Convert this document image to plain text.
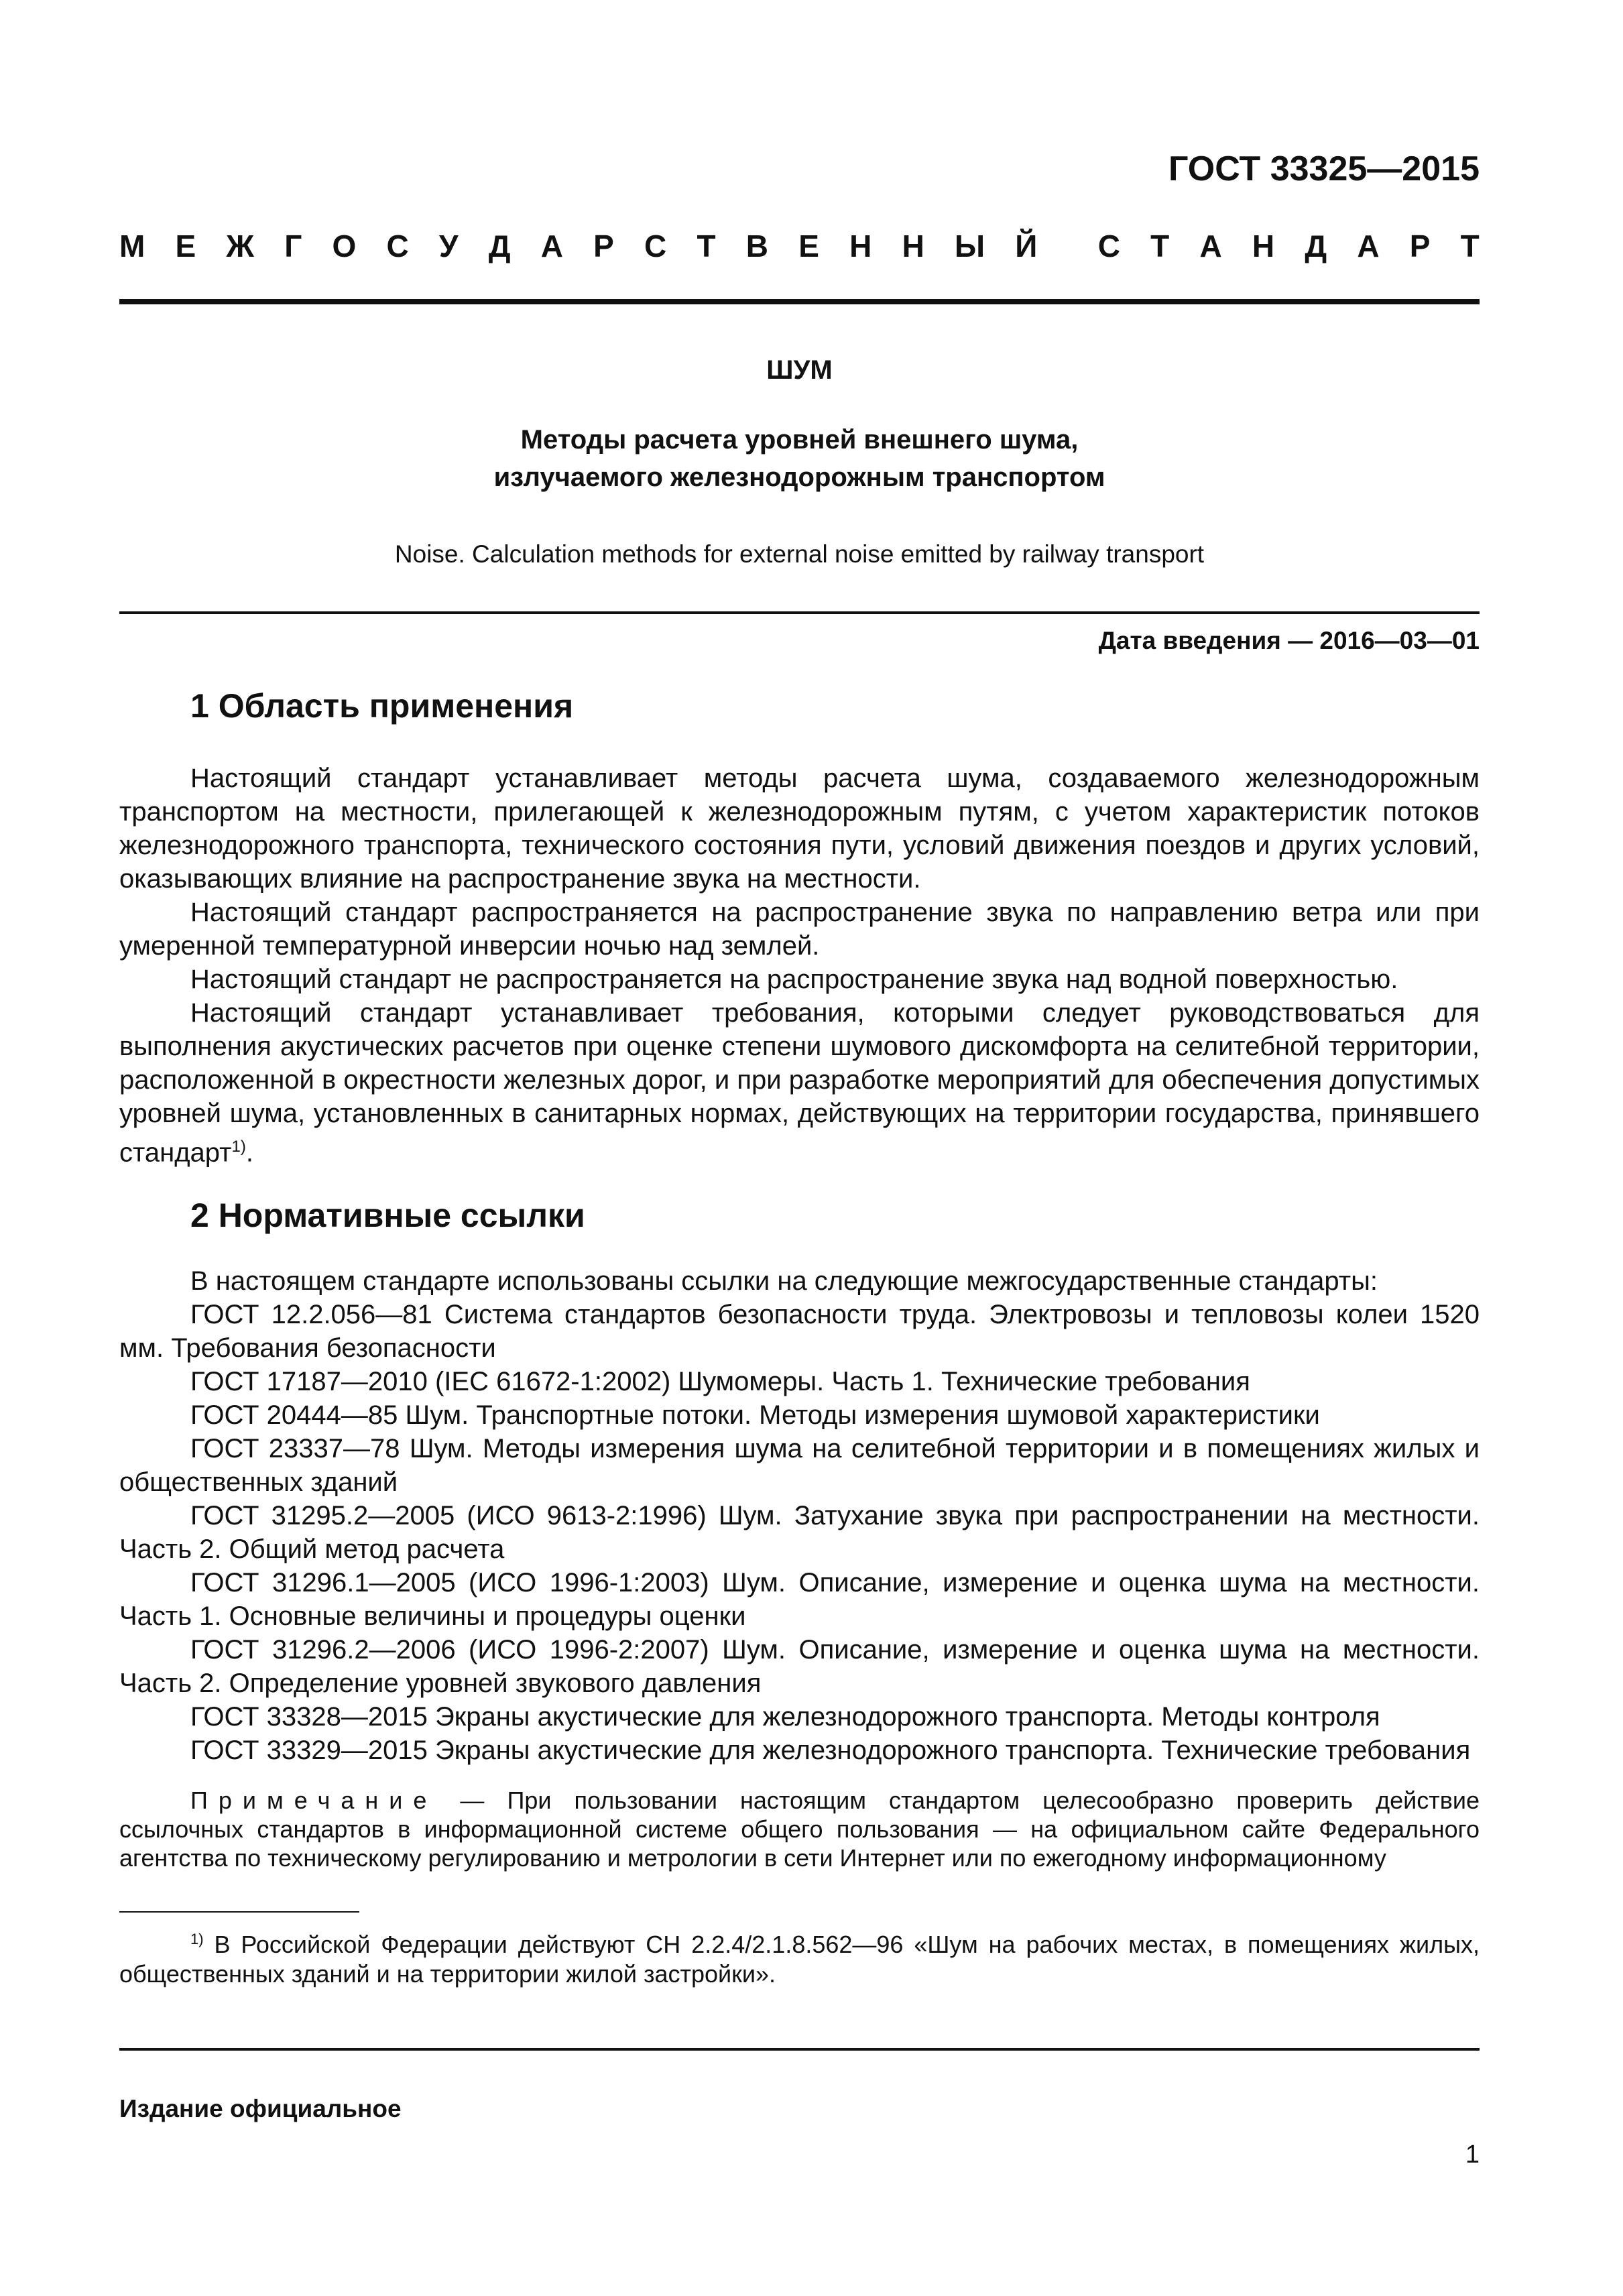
ГОСТ 33325—2015
М Е Ж Г О С У Д А Р С Т В Е Н Н Ы Й С Т А Н Д А Р Т
ШУМ
Методы расчета уровней внешнего шума,
излучаемого железнодорожным транспортом
Noise. Calculation methods for external noise emitted by railway transport
Дата введения — 2016—03—01
1 Область применения

Настоящий стандарт устанавливает методы расчета шума, создаваемого железнодорожным транспортом на местности, прилегающей к железнодорожным путям, с учетом характеристик потоков железнодорожного транспорта, технического состояния пути, условий движения поездов и других условий, оказывающих влияние на распространение звука на местности.

Настоящий стандарт распространяется на распространение звука по направлению ветра или при умеренной температурной инверсии ночью над землей.

Настоящий стандарт не распространяется на распространение звука над водной поверхностью.

Настоящий стандарт устанавливает требования, которыми следует руководствоваться для выполнения акустических расчетов при оценке степени шумового дискомфорта на селитебной территории, расположенной в окрестности железных дорог, и при разработке мероприятий для обеспечения допустимых уровней шума, установленных в санитарных нормах, действующих на территории государства, принявшего стандарт$^{1)}$.

2 Нормативные ссылки

В настоящем стандарте использованы ссылки на следующие межгосударственные стандарты:

ГОСТ 12.2.056—81 Система стандартов безопасности труда. Электровозы и тепловозы колеи 1520 мм. Требования безопасности

ГОСТ 17187—2010 (IEC 61672-1:2002) Шумомеры. Часть 1. Технические требования

ГОСТ 20444—85 Шум. Транспортные потоки. Методы измерения шумовой характеристики

ГОСТ 23337—78 Шум. Методы измерения шума на селитебной территории и в помещениях жилых и общественных зданий

ГОСТ 31295.2—2005 (ИСО 9613-2:1996) Шум. Затухание звука при распространении на местности. Часть 2. Общий метод расчета

ГОСТ 31296.1—2005 (ИСО 1996-1:2003) Шум. Описание, измерение и оценка шума на местности. Часть 1. Основные величины и процедуры оценки

ГОСТ 31296.2—2006 (ИСО 1996-2:2007) Шум. Описание, измерение и оценка шума на местности. Часть 2. Определение уровней звукового давления

ГОСТ 33328—2015 Экраны акустические для железнодорожного транспорта. Методы контроля

ГОСТ 33329—2015 Экраны акустические для железнодорожного транспорта. Технические требования

Примечание — При пользовании настоящим стандартом целесообразно проверить действие ссылочных стандартов в информационной системе общего пользования — на официальном сайте Федерального агентства по техническому регулированию и метрологии в сети Интернет или по ежегодному информационному

$^{1)}$ В Российской Федерации действуют СН 2.2.4/2.1.8.562—96 «Шум на рабочих местах, в помещениях жилых, общественных зданий и на территории жилой застройки».
Издание официальное
1
